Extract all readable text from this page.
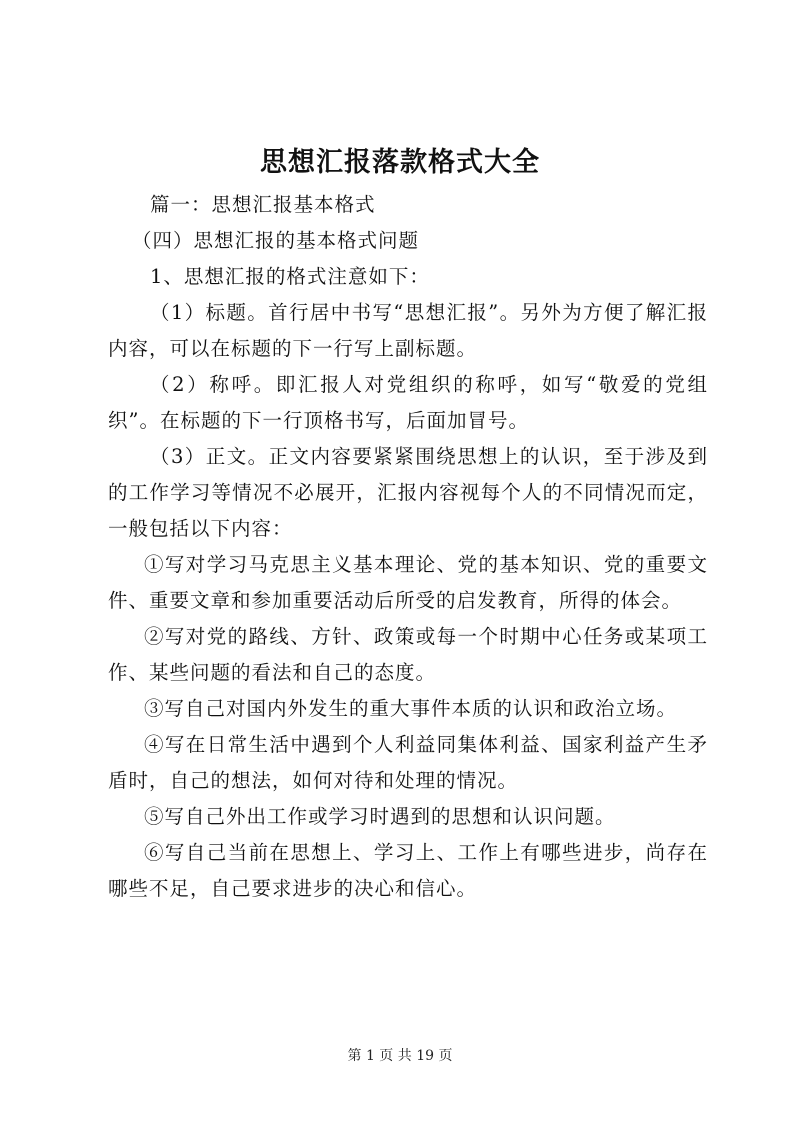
思想汇报落款格式大全

篇一：思想汇报基本格式

（四）思想汇报的基本格式问题

1、思想汇报的格式注意如下：

（1）标题。首行居中书写“思想汇报”。另外为方便了解汇报内容，可以在标题的下一行写上副标题。

（2）称呼。即汇报人对党组织的称呼，如写“敬爱的党组织”。在标题的下一行顶格书写，后面加冒号。

（3）正文。正文内容要紧紧围绕思想上的认识，至于涉及到的工作学习等情况不必展开，汇报内容视每个人的不同情况而定，一般包括以下内容：

①写对学习马克思主义基本理论、党的基本知识、党的重要文件、重要文章和参加重要活动后所受的启发教育，所得的体会。

②写对党的路线、方针、政策或每一个时期中心任务或某项工作、某些问题的看法和自己的态度。

③写自己对国内外发生的重大事件本质的认识和政治立场。

④写在日常生活中遇到个人利益同集体利益、国家利益产生矛盾时，自己的想法，如何对待和处理的情况。

⑤写自己外出工作或学习时遇到的思想和认识问题。

⑥写自己当前在思想上、学习上、工作上有哪些进步，尚存在哪些不足，自己要求进步的决心和信心。

第 1 页 共 19 页
